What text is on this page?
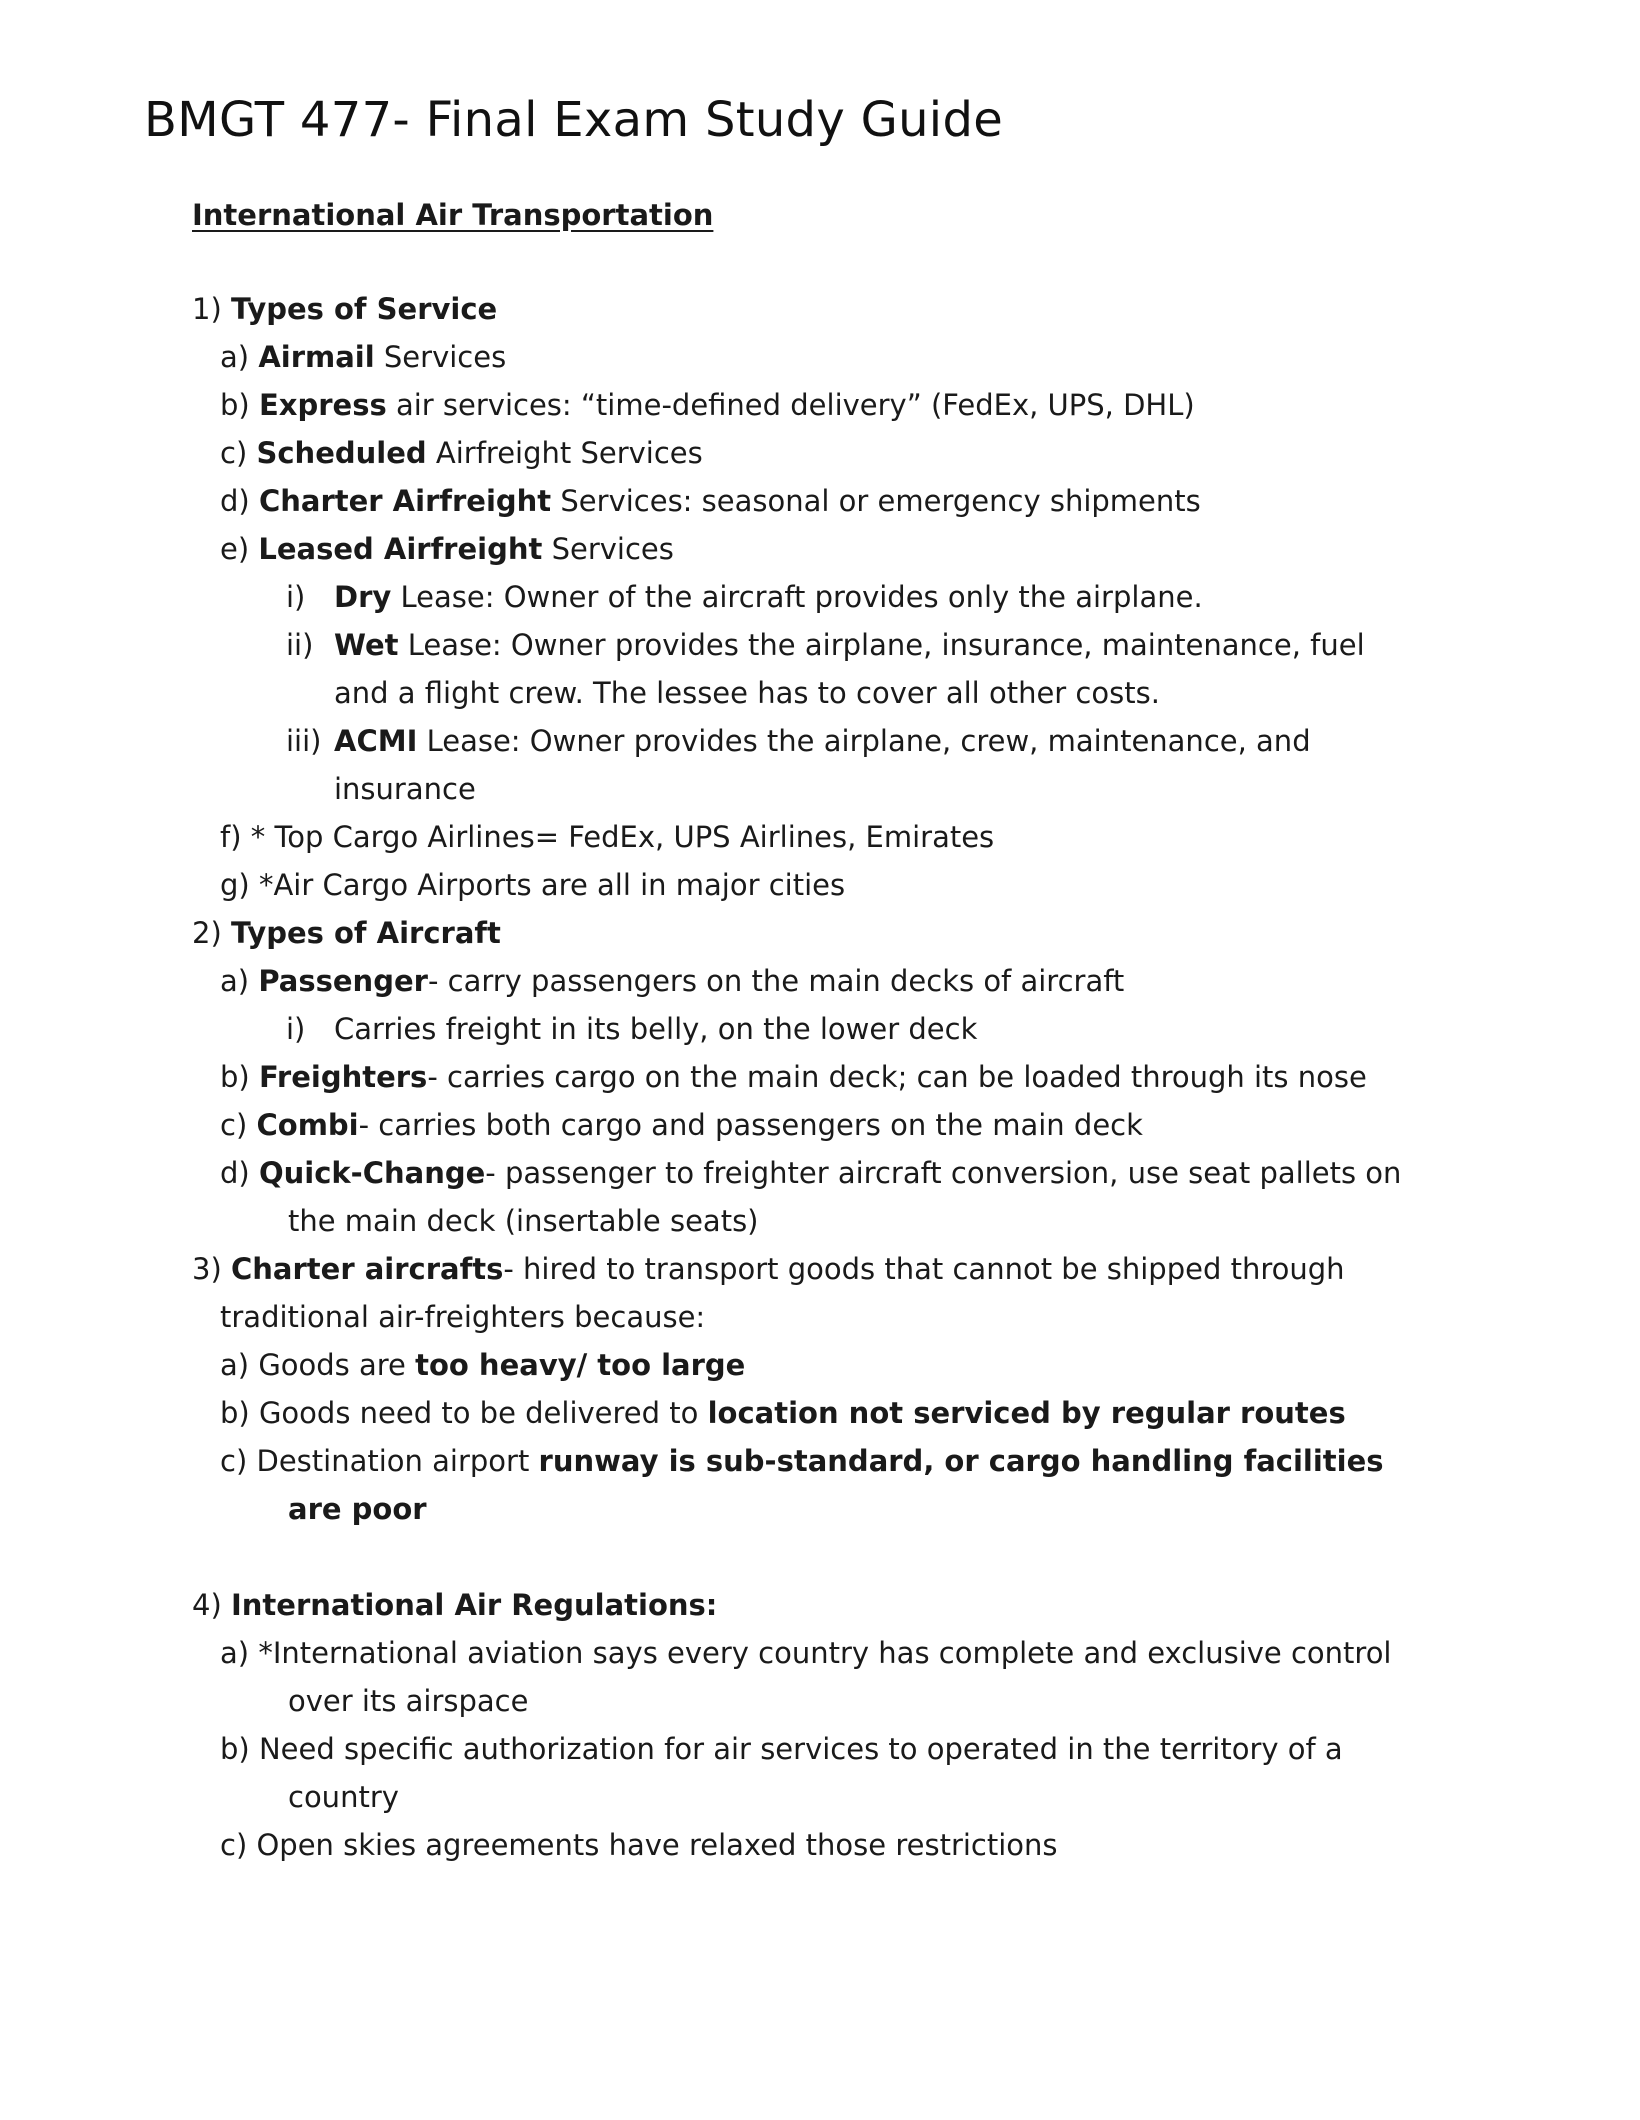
BMGT 477- Final Exam Study Guide
International Air Transportation

1) Types of Service

a) Airmail Services

b) Express air services: “time-defined delivery” (FedEx, UPS, DHL)

c) Scheduled Airfreight Services

d) Charter Airfreight Services: seasonal or emergency shipments

e) Leased Airfreight Services

i) Dry Lease: Owner of the aircraft provides only the airplane.

ii) Wet Lease: Owner provides the airplane, insurance, maintenance, fuel

and a flight crew. The lessee has to cover all other costs.

iii) ACMI Lease: Owner provides the airplane, crew, maintenance, and

insurance

f) * Top Cargo Airlines= FedEx, UPS Airlines, Emirates

g) *Air Cargo Airports are all in major cities

2) Types of Aircraft

a) Passenger- carry passengers on the main decks of aircraft

i) Carries freight in its belly, on the lower deck

b) Freighters- carries cargo on the main deck; can be loaded through its nose

c) Combi- carries both cargo and passengers on the main deck

d) Quick-Change- passenger to freighter aircraft conversion, use seat pallets on

the main deck (insertable seats)

3) Charter aircrafts- hired to transport goods that cannot be shipped through

traditional air-freighters because:

a) Goods are too heavy/ too large

b) Goods need to be delivered to location not serviced by regular routes

c) Destination airport runway is sub-standard, or cargo handling facilities

are poor

4) International Air Regulations:

a) *International aviation says every country has complete and exclusive control

over its airspace

b) Need specific authorization for air services to operated in the territory of a

country

c) Open skies agreements have relaxed those restrictions
